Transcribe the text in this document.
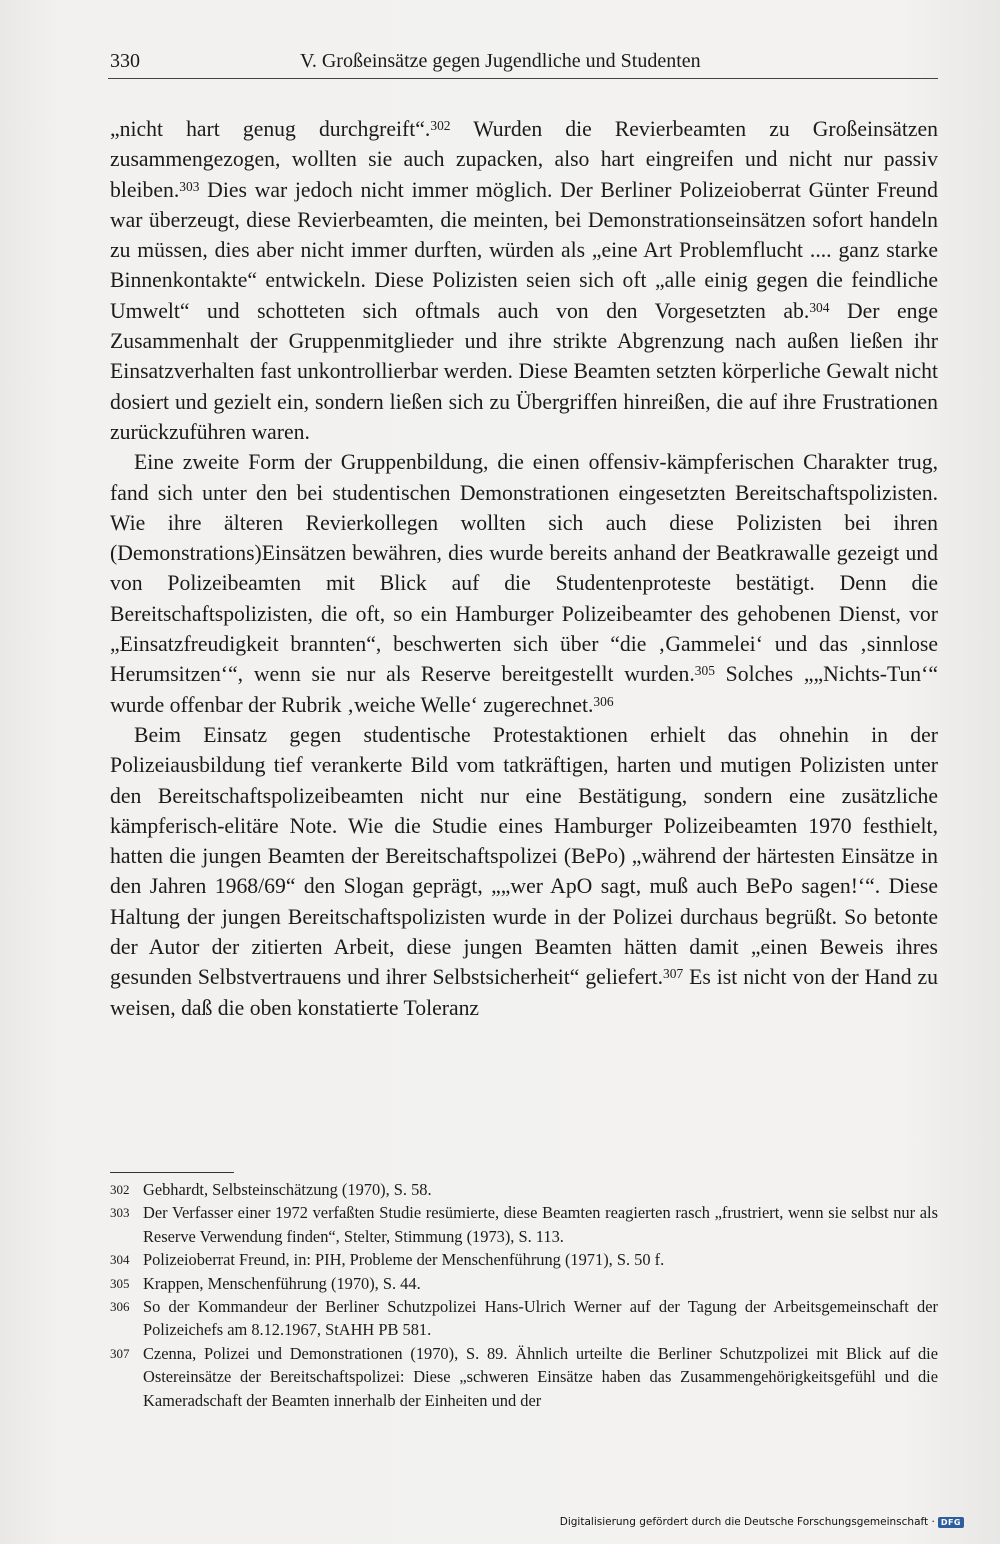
330	V. Großeinsätze gegen Jugendliche und Studenten

„nicht hart genug durchgreift“.$^{302}$ Wurden die Revierbeamten zu Großeinsätzen zusammengezogen, wollten sie auch zupacken, also hart eingreifen und nicht nur passiv bleiben.$^{303}$ Dies war jedoch nicht immer möglich. Der Berliner Polizeioberrat Günter Freund war überzeugt, diese Revierbeamten, die meinten, bei Demonstrationseinsätzen sofort handeln zu müssen, dies aber nicht immer durften, würden als „eine Art Problemflucht .... ganz starke Binnenkontakte“ entwickeln. Diese Polizisten seien sich oft „alle einig gegen die feindliche Umwelt“ und schotteten sich oftmals auch von den Vorgesetzten ab.$^{304}$ Der enge Zusammenhalt der Gruppenmitglieder und ihre strikte Abgrenzung nach außen ließen ihr Einsatzverhalten fast unkontrollierbar werden. Diese Beamten setzten körperliche Gewalt nicht dosiert und gezielt ein, sondern ließen sich zu Übergriffen hinreißen, die auf ihre Frustrationen zurückzuführen waren.

Eine zweite Form der Gruppenbildung, die einen offensiv-kämpferischen Charakter trug, fand sich unter den bei studentischen Demonstrationen eingesetzten Bereitschaftspolizisten. Wie ihre älteren Revierkollegen wollten sich auch diese Polizisten bei ihren (Demonstrations)Einsätzen bewähren, dies wurde bereits anhand der Beatkrawalle gezeigt und von Polizeibeamten mit Blick auf die Studentenproteste bestätigt. Denn die Bereitschaftspolizisten, die oft, so ein Hamburger Polizeibeamter des gehobenen Dienst, vor „Einsatzfreudigkeit brannten“, beschwerten sich über “die ‚Gammelei‘ und das ‚sinnlose Herumsitzen‘“, wenn sie nur als Reserve bereitgestellt wurden.$^{305}$ Solches „„Nichts-Tun‘“ wurde offenbar der Rubrik ‚weiche Welle‘ zugerechnet.$^{306}$

Beim Einsatz gegen studentische Protestaktionen erhielt das ohnehin in der Polizeiausbildung tief verankerte Bild vom tatkräftigen, harten und mutigen Polizisten unter den Bereitschaftspolizeibeamten nicht nur eine Bestätigung, sondern eine zusätzliche kämpferisch-elitäre Note. Wie die Studie eines Hamburger Polizeibeamten 1970 festhielt, hatten die jungen Beamten der Bereitschaftspolizei (BePo) „während der härtesten Einsätze in den Jahren 1968/69“ den Slogan geprägt, „„wer ApO sagt, muß auch BePo sagen!‘“. Diese Haltung der jungen Bereitschaftspolizisten wurde in der Polizei durchaus begrüßt. So betonte der Autor der zitierten Arbeit, diese jungen Beamten hätten damit „einen Beweis ihres gesunden Selbstvertrauens und ihrer Selbstsicherheit“ geliefert.$^{307}$ Es ist nicht von der Hand zu weisen, daß die oben konstatierte Toleranz

302 Gebhardt, Selbsteinschätzung (1970), S. 58.
303 Der Verfasser einer 1972 verfaßten Studie resümierte, diese Beamten reagierten rasch „frustriert, wenn sie selbst nur als Reserve Verwendung finden“, Stelter, Stimmung (1973), S. 113.
304 Polizeioberrat Freund, in: PIH, Probleme der Menschenführung (1971), S. 50 f.
305 Krappen, Menschenführung (1970), S. 44.
306 So der Kommandeur der Berliner Schutzpolizei Hans-Ulrich Werner auf der Tagung der Arbeitsgemeinschaft der Polizeichefs am 8.12.1967, StAHH PB 581.
307 Czenna, Polizei und Demonstrationen (1970), S. 89. Ähnlich urteilte die Berliner Schutzpolizei mit Blick auf die Ostereinsätze der Bereitschaftspolizei: Diese „schweren Einsätze haben das Zusammengehörigkeitsgefühl und die Kameradschaft der Beamten innerhalb der Einheiten und der
Digitalisierung gefördert durch die Deutsche Forschungsgemeinschaft · DFG
